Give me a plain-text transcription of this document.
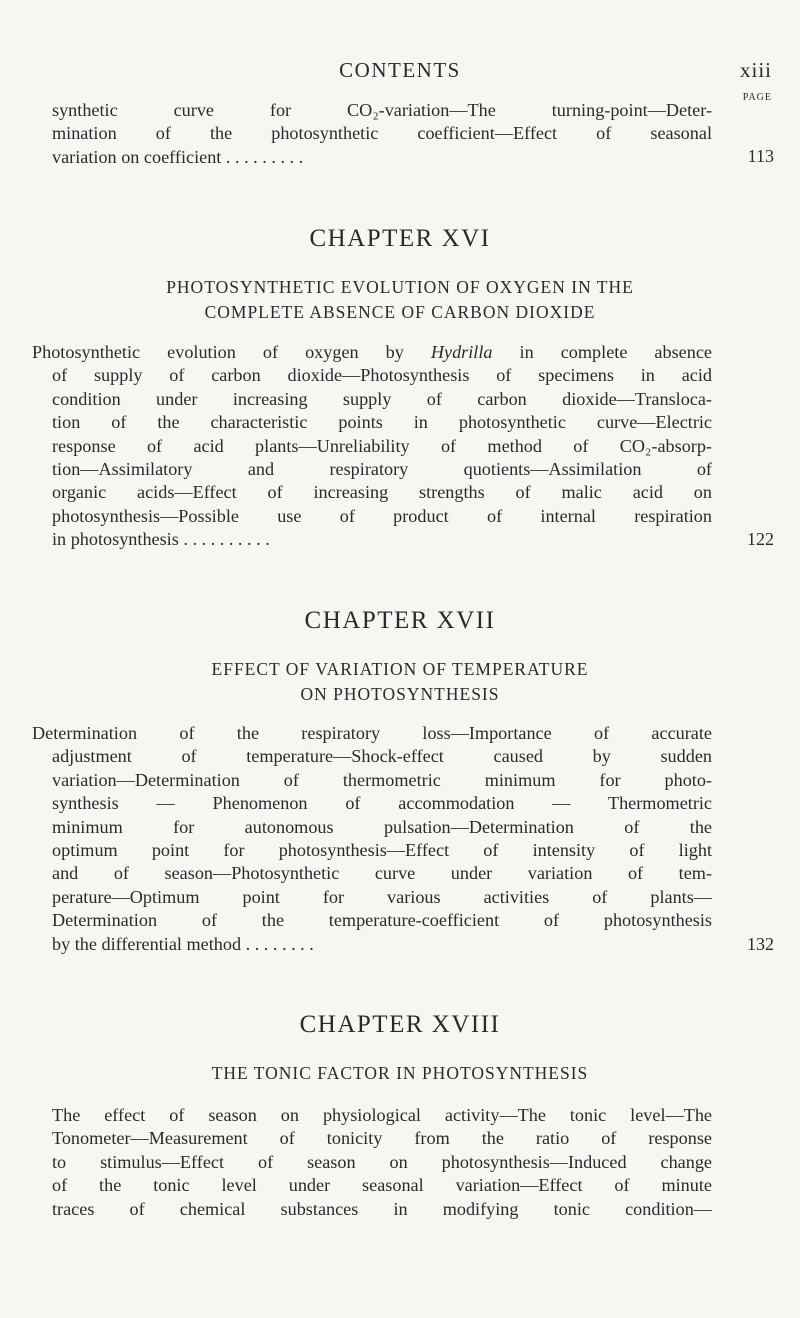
CONTENTS	xiii
PAGE
synthetic curve for CO₂-variation—The turning-point—Deter-
mination of the photosynthetic coefficient—Effect of seasonal
variation on coefficient . . . . . . . . .	113
CHAPTER XVI
PHOTOSYNTHETIC EVOLUTION OF OXYGEN IN THE
COMPLETE ABSENCE OF CARBON DIOXIDE
Photosynthetic evolution of oxygen by Hydrilla in complete absence
of supply of carbon dioxide—Photosynthesis of specimens in acid
condition under increasing supply of carbon dioxide—Transloca-
tion of the characteristic points in photosynthetic curve—Electric
response of acid plants—Unreliability of method of CO₂-absorp-
tion—Assimilatory and respiratory quotients—Assimilation of
organic acids—Effect of increasing strengths of malic acid on
photosynthesis—Possible use of product of internal respiration
in photosynthesis . . . . . . . . . .	122
CHAPTER XVII
EFFECT OF VARIATION OF TEMPERATURE
ON PHOTOSYNTHESIS
Determination of the respiratory loss—Importance of accurate
adjustment of temperature—Shock-effect caused by sudden
variation—Determination of thermometric minimum for photo-
synthesis — Phenomenon of accommodation — Thermometric
minimum for autonomous pulsation—Determination of the
optimum point for photosynthesis—Effect of intensity of light
and of season—Photosynthetic curve under variation of tem-
perature—Optimum point for various activities of plants—
Determination of the temperature-coefficient of photosynthesis
by the differential method . . . . . . . .	132
CHAPTER XVIII
THE TONIC FACTOR IN PHOTOSYNTHESIS
The effect of season on physiological activity—The tonic level—The
Tonometer—Measurement of tonicity from the ratio of response
to stimulus—Effect of season on photosynthesis—Induced change
of the tonic level under seasonal variation—Effect of minute
traces of chemical substances in modifying tonic condition—
